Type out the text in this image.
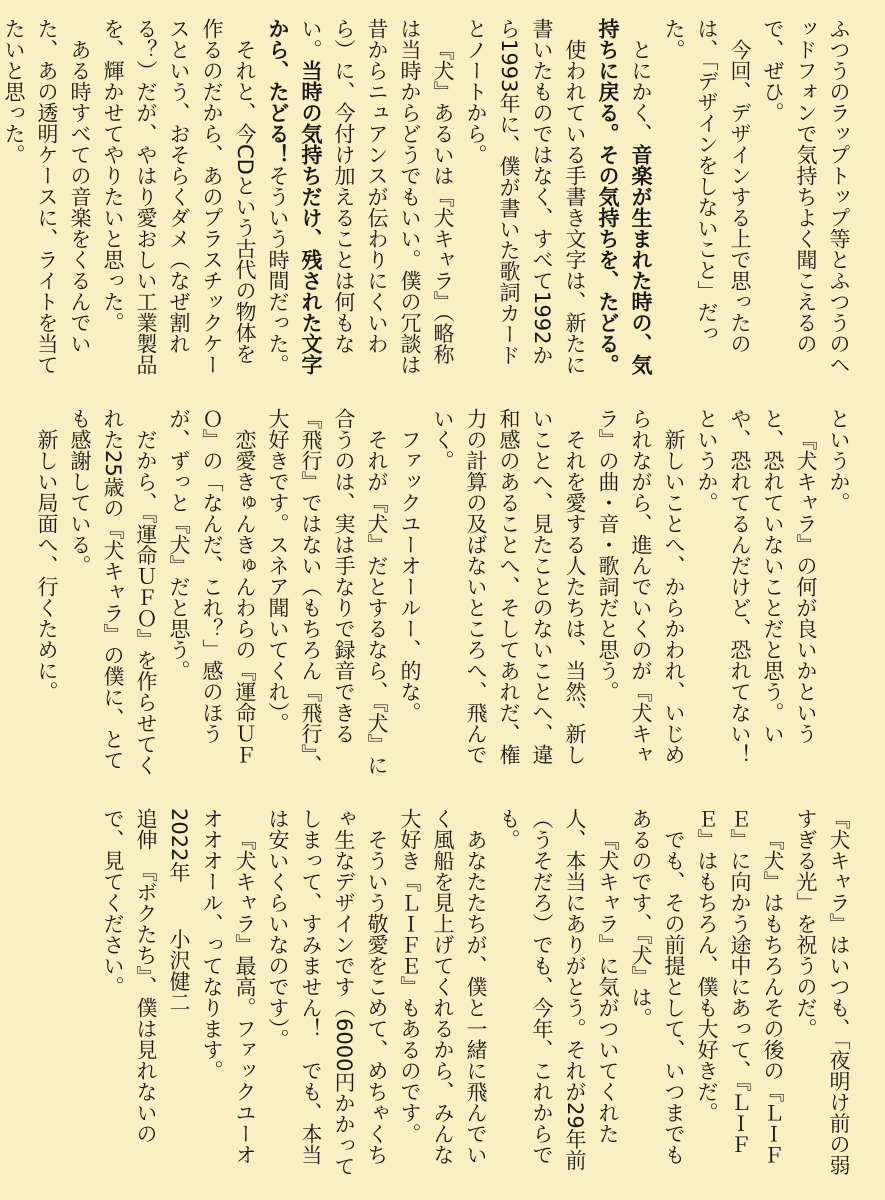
ふつうのラップトップ等とふつうのヘッドフォンで気持ちよく聞こえるので、ぜひ。
今回、デザインする上で思ったのは、「デザインをしないこと」だった。
とにかく、音楽が生まれた時の、気持ちに戻る。その気持ちを、たどる。
使われている手書き文字は、新たに書いたものではなく、すべて1992から1993年に、僕が書いた歌詞カードとノートから。
『犬』あるいは『犬キャラ』（略称は当時からどうでもいい。僕の冗談は昔からニュアンスが伝わりにくいわら）に、今付け加えることは何もない。当時の気持ちだけ、残された文字から、たどる！そういう時間だった。
それと、今CDという古代の物体を作るのだから、あのプラスチックケースという、おそらくダメ（なぜ割れる？）だが、やはり愛おしい工業製品を、輝かせてやりたいと思った。
ある時すべての音楽をくるんでいた、あの透明ケースに、ライトを当てたいと思った。
というか。
『犬キャラ』の何が良いかというと、恐れていないことだと思う。いや、恐れてるんだけど、恐れてない！　というか。
新しいことへ、からかわれ、いじめられながら、進んでいくのが『犬キャラ』の曲・音・歌詞だと思う。
それを愛する人たちは、当然、新しいことへ、見たことのないことへ、違和感のあることへ、そしてあれだ、権力の計算の及ばないところへ、飛んでいく。
ファックユーオールー、的な。
それが『犬』だとするなら、『犬』に合うのは、実は手なりで録音できる『飛行』ではない（もちろん『飛行』、大好きです。スネア聞いてくれ）。
恋愛きゅんきゅんわらの『運命ＵＦＯ』の「なんだ、これ？」感のほうが、ずっと『犬』だと思う。
だから、『運命ＵＦＯ』を作らせてくれた25歳の『犬キャラ』の僕に、とても感謝している。
新しい局面へ、行くために。
『犬キャラ』はいつも、「夜明け前の弱すぎる光」を祝うのだ。
『犬』はもちろんその後の『ＬＩＦＥ』に向かう途中にあって、『ＬＩＦＥ』はもちろん、僕も大好きだ。
でも、その前提として、いつまでもあるのです、『犬』は。
『犬キャラ』に気がついてくれた人、本当にありがとう。それが29年前（うそだろ）でも、今年、これからでも。
あなたたちが、僕と一緒に飛んでいく風船を見上げてくれるから、みんな大好き『ＬＩＦＥ』もあるのです。
そういう敬愛をこめて、めちゃくちゃ生なデザインです（6000円かかってしまって、すみません！　でも、本当は安いくらいなのです）。
『犬キャラ』最高。ファックユーオオオオール、ってなります。
2022年　小沢健二
追伸　『ボクたち』、僕は見れないので、見てください。
